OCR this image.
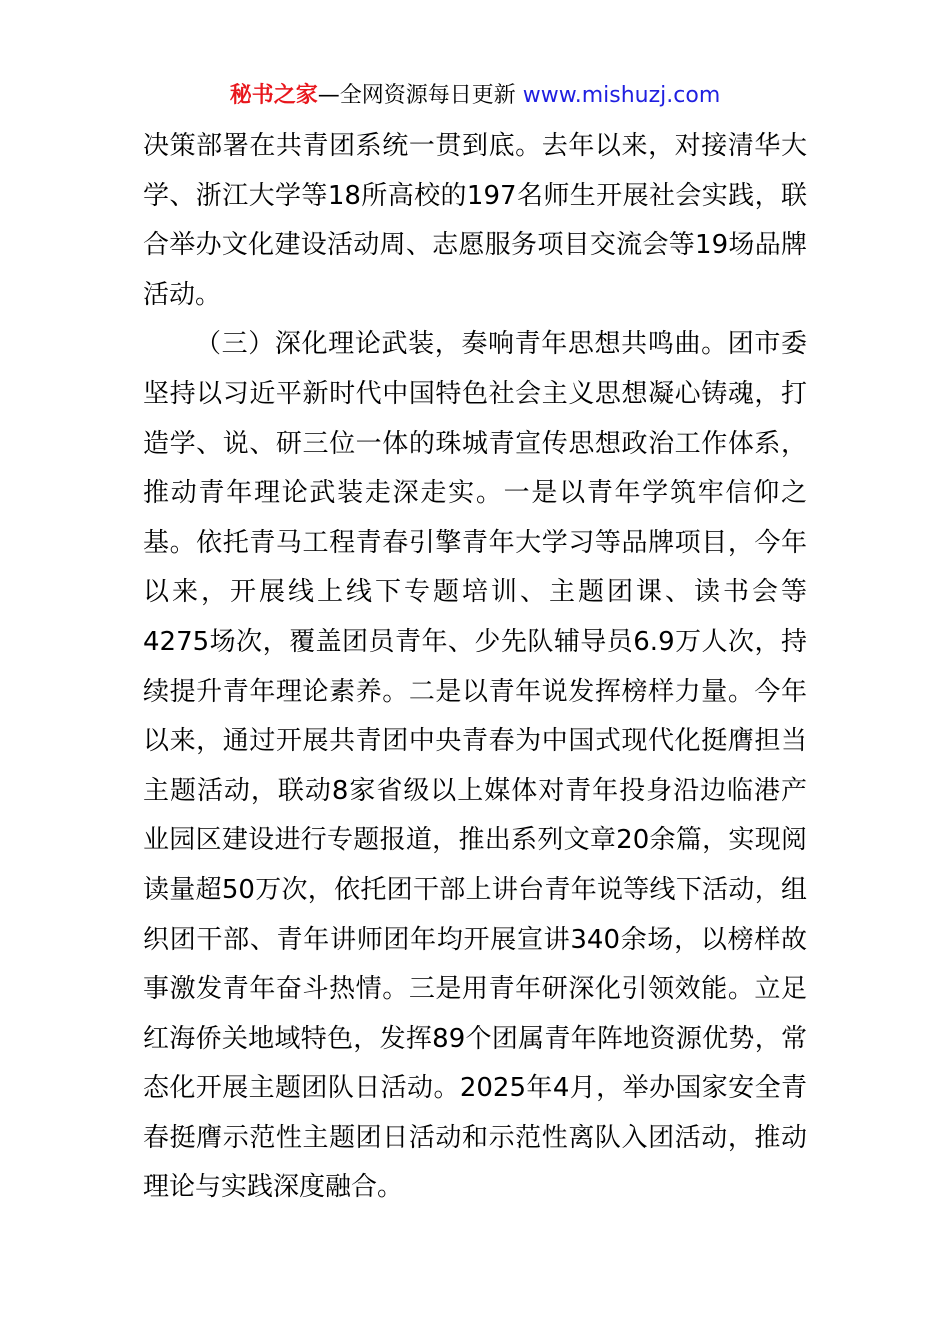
秘书之家—全网资源每日更新 www.mishuzj.com

决策部署在共青团系统一贯到底。去年以来，对接清华大学、浙江大学等18所高校的197名师生开展社会实践，联合举办文化建设活动周、志愿服务项目交流会等19场品牌活动。

（三）深化理论武装，奏响青年思想共鸣曲。团市委坚持以习近平新时代中国特色社会主义思想凝心铸魂，打造学、说、研三位一体的珠城青宣传思想政治工作体系，推动青年理论武装走深走实。一是以青年学筑牢信仰之基。依托青马工程青春引擎青年大学习等品牌项目，今年以来，开展线上线下专题培训、主题团课、读书会等4275场次，覆盖团员青年、少先队辅导员6.9万人次，持续提升青年理论素养。二是以青年说发挥榜样力量。今年以来，通过开展共青团中央青春为中国式现代化挺膺担当主题活动，联动8家省级以上媒体对青年投身沿边临港产业园区建设进行专题报道，推出系列文章20余篇，实现阅读量超50万次，依托团干部上讲台青年说等线下活动，组织团干部、青年讲师团年均开展宣讲340余场，以榜样故事激发青年奋斗热情。三是用青年研深化引领效能。立足红海侨关地域特色，发挥89个团属青年阵地资源优势，常态化开展主题团队日活动。2025年4月，举办国家安全青春挺膺示范性主题团日活动和示范性离队入团活动，推动理论与实践深度融合。
